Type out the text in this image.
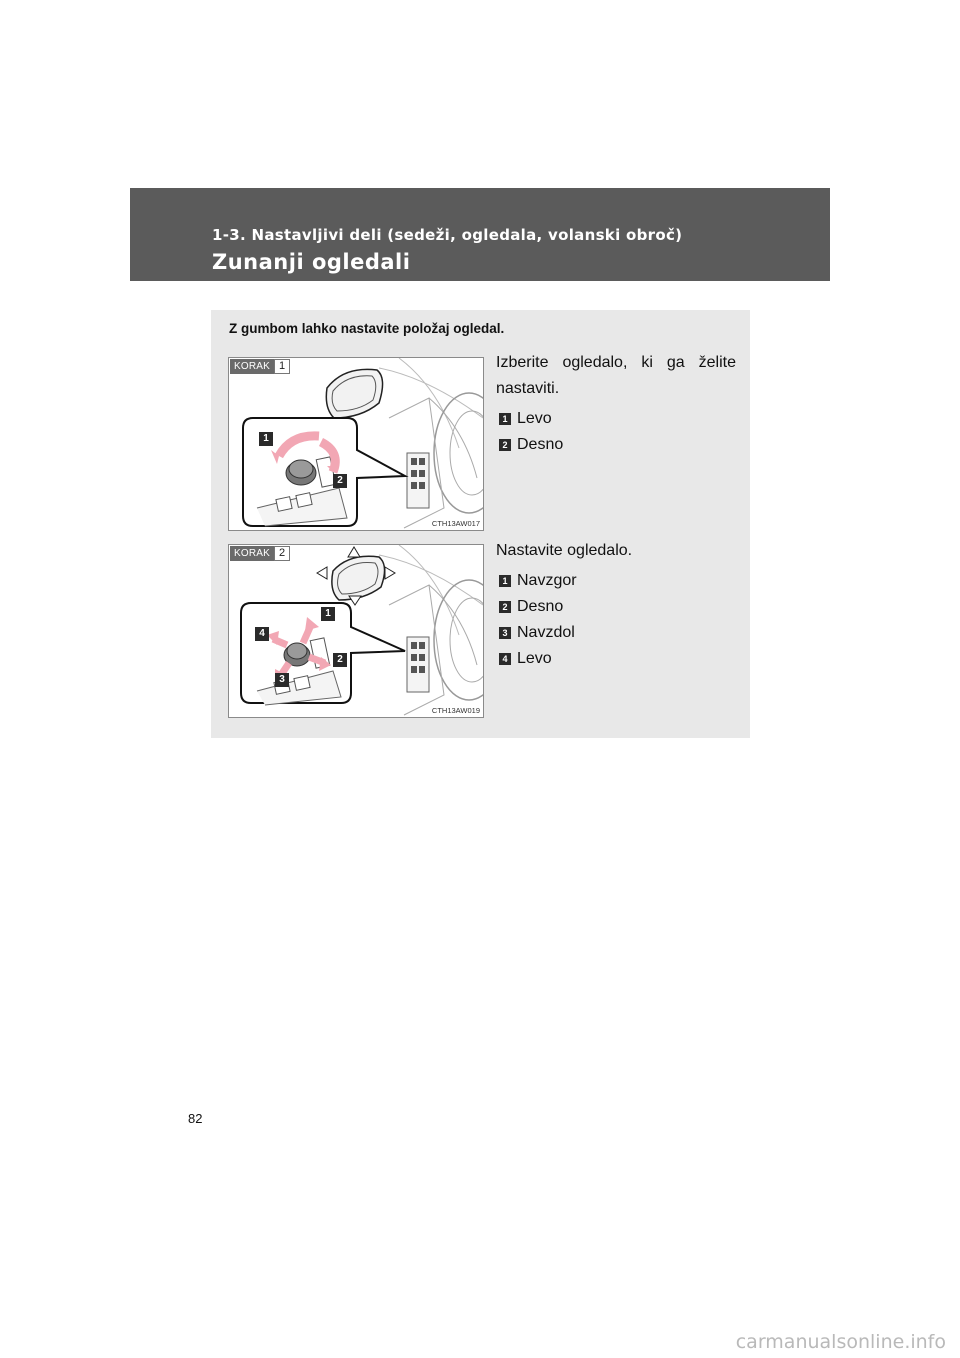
1-3. Nastavljivi deli (sedeži, ogledala, volanski obroč)
Zunanji ogledali
Z gumbom lahko nastavite položaj ogledal.
1
2
KORAK 1
CTH13AW017
Izberite ogledalo, ki ga želite nastaviti.
1 Levo
2 Desno
1
2
3
4
KORAK 2
CTH13AW019
Nastavite ogledalo.
1 Navzgor
2 Desno
3 Navzdol
4 Levo
82
carmanualsonline.info
